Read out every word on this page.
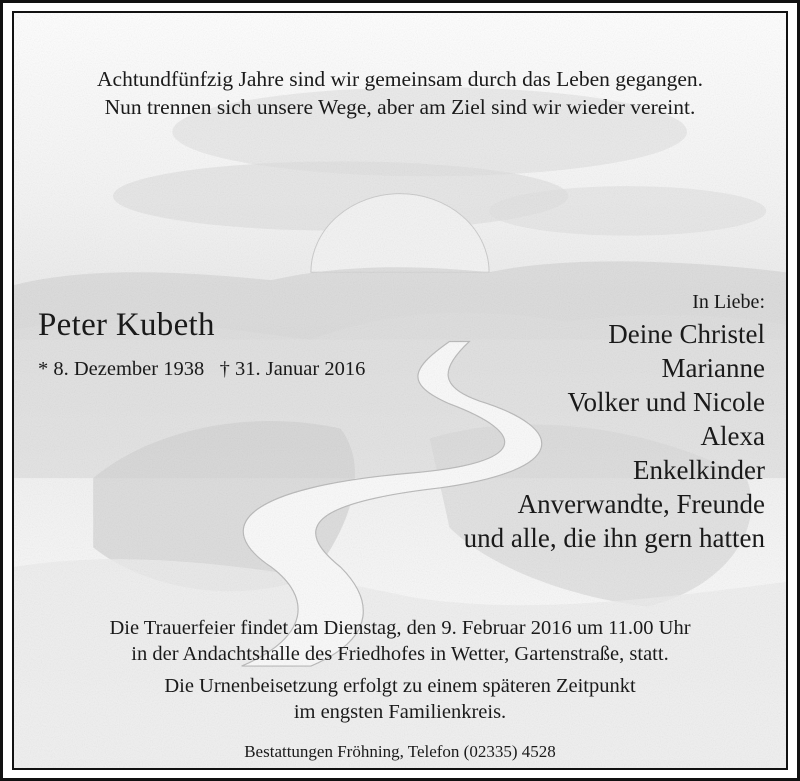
Achtundfünfzig Jahre sind wir gemeinsam durch das Leben gegangen.
Nun trennen sich unsere Wege, aber am Ziel sind wir wieder vereint.
Peter Kubeth
* 8. Dezember 1938 † 31. Januar 2016
In Liebe:
Deine Christel
Marianne
Volker und Nicole
Alexa
Enkelkinder
Anverwandte, Freunde
und alle, die ihn gern hatten
Die Trauerfeier findet am Dienstag, den 9. Februar 2016 um 11.00 Uhr
in der Andachtshalle des Friedhofes in Wetter, Gartenstraße, statt.
Die Urnenbeisetzung erfolgt zu einem späteren Zeitpunkt
im engsten Familienkreis.
Bestattungen Fröhning, Telefon (02335) 4528
